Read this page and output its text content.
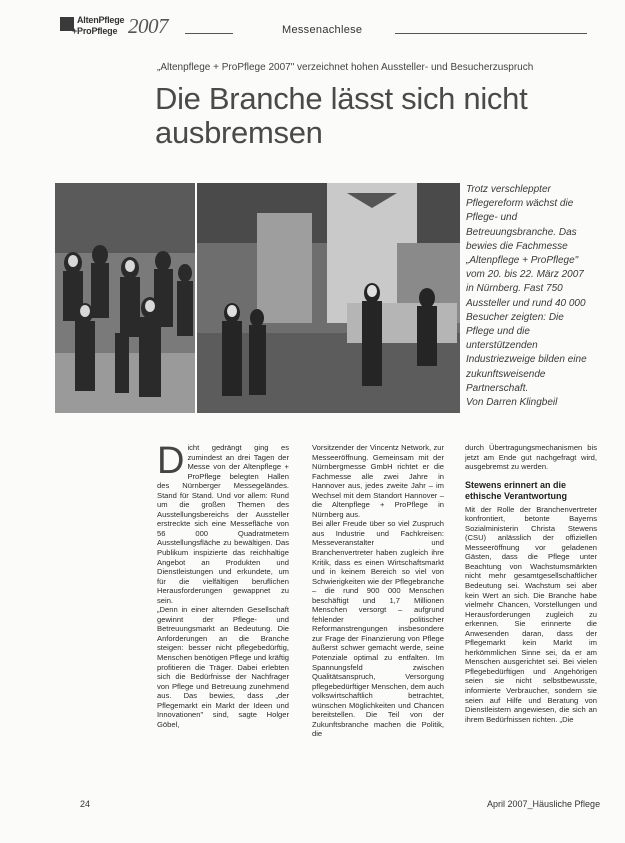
AltenPflege
+ProPflege 2007	Messenachlese
„Altenpflege + ProPflege 2007" verzeichnet hohen Aussteller- und Besucherzuspruch
Die Branche lässt sich nicht ausbremsen
Trotz verschleppter Pflegereform wächst die Pflege- und Betreuungsbranche. Das bewies die Fachmesse „Altenpflege + ProPflege" vom 20. bis 22. März 2007 in Nürnberg. Fast 750 Aussteller und rund 40 000 Besucher zeigten: Die Pflege und die unterstützenden Industriezweige bilden eine zukunftsweisende Partnerschaft.
Von Darren Klingbeil

Dicht gedrängt ging es zumindest an drei Tagen der Messe von der Altenpflege + ProPflege belegten Hallen des Nürnberger Messegeländes. Stand für Stand. Und vor allem: Rund um die großen Themen des Ausstellungsbereichs der Aussteller erstreckte sich eine Messefläche von 56 000 Quadratmetern Ausstellungsfläche zu bewältigen. Das Publikum inspizierte das reichhaltige Angebot an Produkten und Dienstleistungen und erkundete, um für die vielfältigen beruflichen Herausforderungen gewappnet zu sein.

„Denn in einer alternden Gesellschaft gewinnt der Pflege- und Betreuungsmarkt an Bedeutung. Die Anforderungen an die Branche steigen: besser nicht pflegebedürftig, Menschen benötigen Pflege und kräftig profitieren die Träger. Dabei erlebten sich die Bedürfnisse der Nachfrager von Pflege und Betreuung zunehmend aus. Das bewies, dass „der Pflegemarkt ein Markt der Ideen und Innovationen" sind, sagte Holger Göbel,

Vorsitzender der Vincentz Network, zur Messeeröffnung. Gemeinsam mit der Nürnbergmesse GmbH richtet er die Fachmesse alle zwei Jahre in Hannover aus, jedes zweite Jahr – im Wechsel mit dem Standort Hannover – die Altenpflege + ProPflege in Nürnberg aus.

Bei aller Freude über so viel Zuspruch aus Industrie und Fachkreisen: Messeveranstalter und Branchenvertreter haben zugleich ihre Kritik, dass es einen Wirtschaftsmarkt und in keinem Bereich so viel von Schwierigkeiten wie der Pflegebranche – die rund 900 000 Menschen beschäftigt und 1,7 Millionen Menschen versorgt – aufgrund fehlender politischer Reformanstrengungen insbesondere zur Frage der Finanzierung von Pflege äußerst schwer gemacht werde, seine Potenziale optimal zu entfalten. Im Spannungsfeld zwischen Qualitätsanspruch, Versorgung pflegebedürftiger Menschen, dem auch volkswirtschaftlich betrachtet, wünschen Möglichkeiten und Chancen bereitstellen. Die Teil von der Zukunftsbranche machen die Politik, die

durch Übertragungsmechanismen bis jetzt am Ende gut nachgefragt wird, ausgebremst zu werden.

Stewens erinnert an die ethische Verantwortung

Mit der Rolle der Branchenvertreter konfrontiert, betonte Bayerns Sozialministerin Christa Stewens (CSU) anlässlich der offiziellen Messeeröffnung vor geladenen Gästen, dass die Pflege unter Beachtung von Wachstumsmärkten nicht mehr gesamtgesellschaftlicher Bedeutung sei. Wachstum sei aber kein Wert an sich. Die Branche habe vielmehr Chancen, Vorstellungen und Herausforderungen zugleich zu erkennen. Sie erinnerte die Anwesenden daran, dass der Pflegemarkt kein Markt im herkömmlichen Sinne sei, da er am Menschen ausgerichtet sei. Bei vielen Pflegebedürftigen und Angehörigen seien sie nicht selbstbewusste, informierte Verbraucher, sondern sie seien auf Hilfe und Beratung von Dienstleistern angewiesen, die sich an ihrem Bedürfnissen richten. „Die

24	April 2007_Häusliche Pflege
